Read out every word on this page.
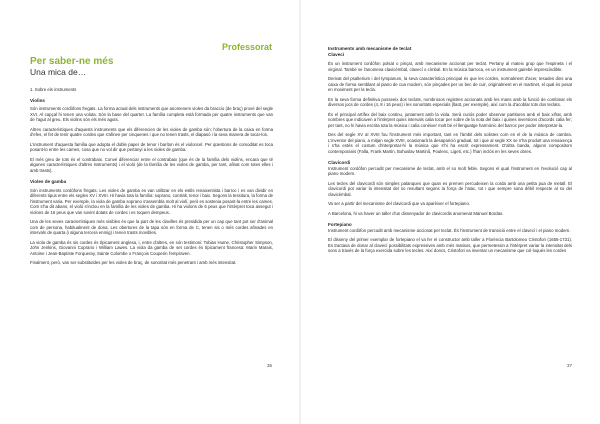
Professorat
Per saber-ne més
Una mica de…

1. Sobre els instruments

Violins

Són instruments cordòfons fregats. La forma actual dels instruments que anomenem violes da braccio (de braç) provè del segle XVI. Al capçal hi tenen una voluta. Són la base del quartet. La família completa està formada per quatre instruments que van de l'agut al greu. Els violins són els més aguts.

Altres característiques d'aquests instruments que els diferencien de les violes de gamba són: l'obertura de la caixa en forma d'efes, el fet de tenir quatre cordes que s'afinen per cinquenes i que no tenen trasts, el diapasó i la seva manera de tocar-los.

L'instrument d'aquesta família que adopta el doble paper de tenor i baríton és el violoncel. Per qüestions de comoditat es toca posant-lo entre les cames, cosa que no vol dir que pertanyi a les violes de gamba.

El més greu de tots és el contrabaix. Convé diferenciar entre el contrabaix (que és de la família dels violins, encara que té algunes característiques d'altres instruments) i el violó (de la família de les violes de gamba, per tant, afinat com totes elles i amb trasts).

Violes de gamba

Són instruments cordòfons fregats. Les violes de gamba es van utilitzar en els estils renaixentista i barroc i es van dividir en diferents tipus entre els segles XV i XVIII. Hi havia tota la família: soprano, contralt, tenor i baix. Segons la tessitura, la forma de l'instrument varia. Per exemple, la viola de gamba soprano s'assembla molt al violí, però es sostenia posant-la entre les cames. Com s'ha dit abans, el violó s'inclou en la família de les violes de gamba. Hi ha violons de 6 peus que l'intèrpret toca assegut i violons de 16 peus que van sovint dotats de cordes i es toquen dempeus.

Una de les seves característiques més visibles és que la part de les clavilles és presidida per un cap que tant pot ser d'animal com de persona, habitualment de dona. Les obertures de la tapa són en forma de C, tenen sis o més cordes afinades en intervals de quarta (i alguna tercera enmig) i tenen trasts movibles.

La viola de gamba és sis cordes és típicament anglesa, i, entre d'altres, en són testimoni: Tobias Hume, Christopher Simpson, John Jenkins, Giovanni Coprario i William Lawes. La viola da gamba de set cordes és típicament francesa: Marin Marais, Antoine i Jean-Baptiste Forqueray, Sainte Colombe o François Couperin l'empraven.

Finalment, però, van ser substituïdes per les violes de braç, de sonoritat més penetrant i amb més intensitat.

36
Instruments amb mecanisme de teclat
Clavecí

És un instrument cordòfon polsat o pinçat, amb mecanisme accionat per teclat. Pertany al mateix grup que l'espineta i el virginal. També se l'anomena clavicèmbal, clavecí o címbal. En la música barroca, es un instrument gairebé imprescindible.

Derivat del psalterium i del tympanum, la seva característica principal és que les cordes, normalment d'acer, tesades dins una caixa de forma semblant al piano de cua modern, són pinçades per un bec de cuir, originalment en el martinet, el qual és posat en moviment per la tecla.

En la seva forma definitiva posseeix dos teclats, nombrosos registres accionats amb les mans amb la funció de combinar els diversos jocs de cordes (4, 8 i 16 peus) i les sonoritats especials (llaüt, per exemple), així com la d'acoblar tots dos teclats.

És el principal artífex del baix continu, juntament amb la viola. Serà curiós poder observar partitures amb el baix xifrat, amb nombres que indicaven a l'intèrpret quins intervals calia tocar per sobre de la nota del baix i quines inversions d'acords calia fer; per tant, no hi havia escrita tota la música i calia conèixer molt bé el llenguatge harmònic del barroc per poder interpretar-la.

Des del segle XV al XVIII fou l'instrument més important, tant en l'àmbit dels solistes com en el de la música de cambra. L'inventor del piano, a mitjan segle XVIII, ocasionarà la desaparició gradual, tot i que al segle XX se n'ha produït una renaixença i s'ha estès el costum d'interpretar-hi la música que s'hi ha escrit expressament. D'altra banda, alguns compositors contemporanis (Falla, Frank Martin, Bohuslav Martinů, Poulenc, Ligeti, etc.) l'han inclòs en les seves obres.

Clavicordi

Instrument cordòfon percudit per mecanisme de teclat, amb el so molt feble. Segons el qual l'instrument en l'evolució cap al piano modern.

Les tecles del clavicordi són simples palanques que quan es premen percudeixen la corda amb una petita pua de metall. El clavicordi pot variar la intensitat del so resultant segons la força de l'atac, tot i que sempre sona dèbil respecte al so del clavicèmbal.

Va ser a partir del mecanisme del clavicordi que va aparèixer el fortepiano.

A Barcelona, hi va haver un taller d'un dissenyador de clavicordis anomenat Manuel Bordas.

Fortepiano

Instrument cordòfon percudit amb mecanisme accionat per teclat. És l'instrument de transició entre el clavecí i el piano modern.

El disseny del primer exemplar de fortepiano el va fer el constructor amb taller a Florència Bartolomeo Cristofori (1655-1731). Es tractava de donar al clavecí possibilitats expressives amb més matisos, que permetessin a l'intèrpret variar la intensitat dels sons a través de la força exercida sobre les tecles. Així doncs, Cristofori va inventar un mecanisme que col·loqués les cordes

37
